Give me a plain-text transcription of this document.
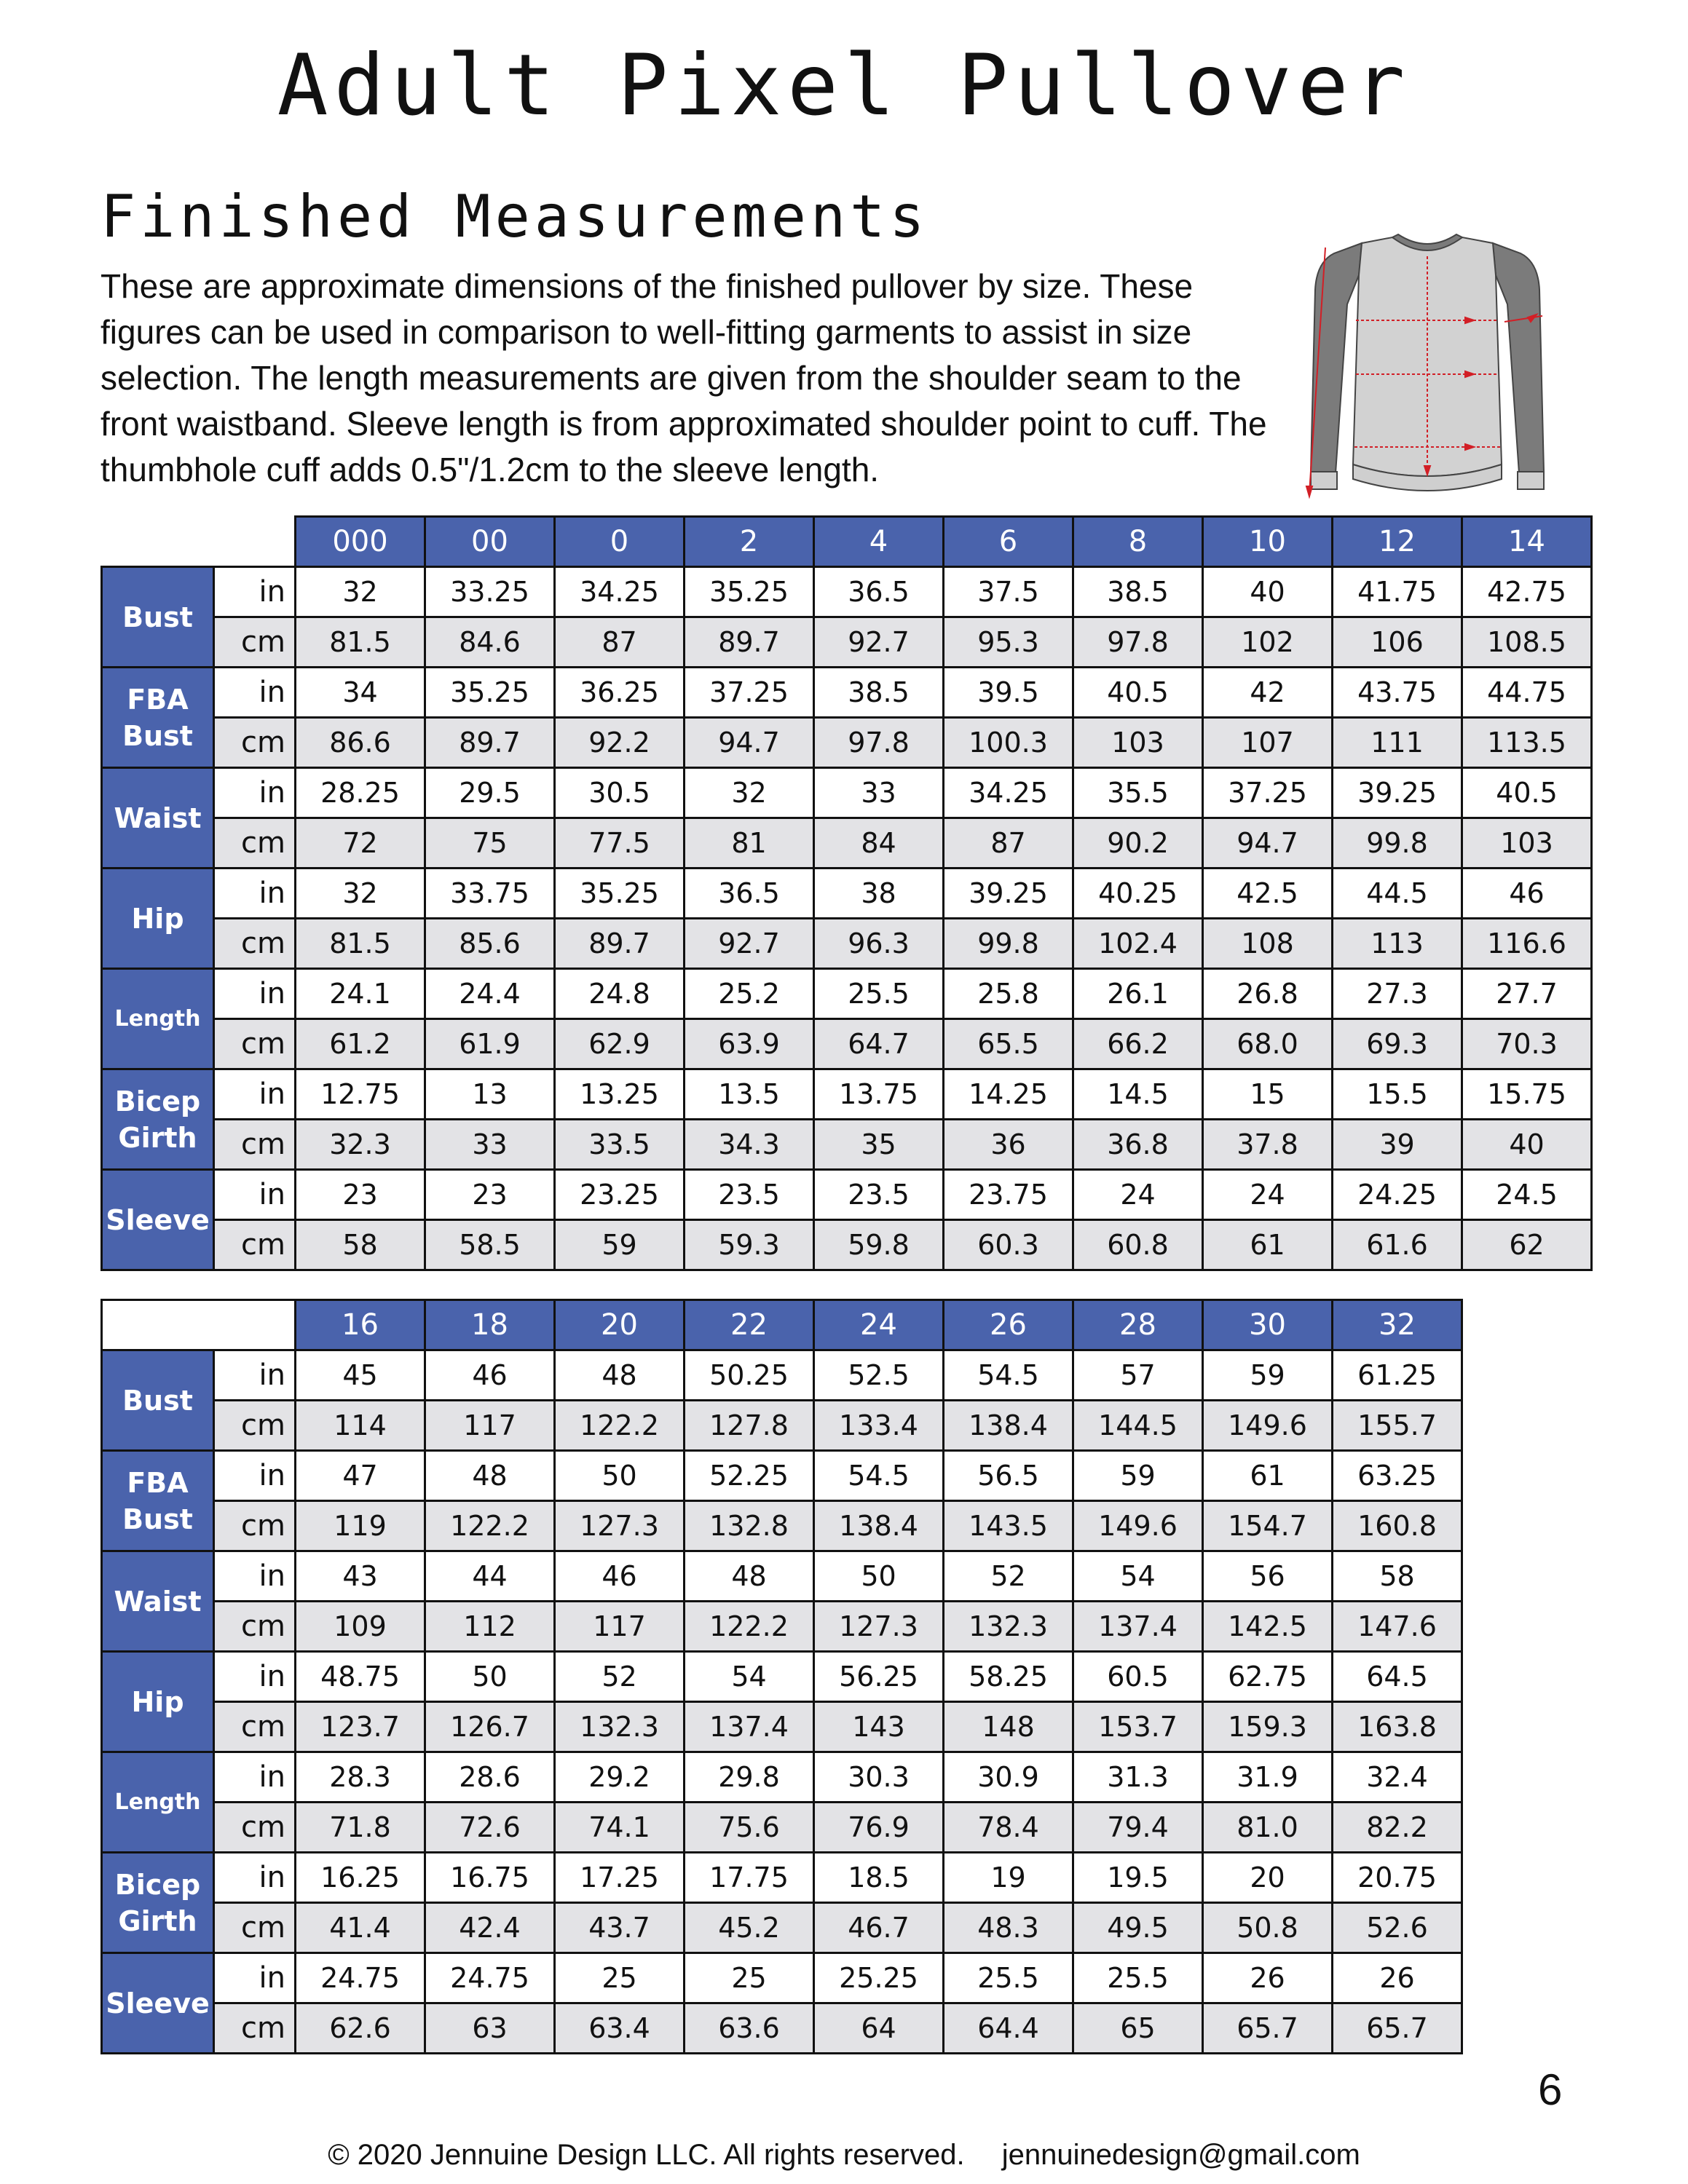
Adult Pixel Pullover
Finished Measurements

These are approximate dimensions of the finished pullover by size. These figures can be used in comparison to well-fitting garments to assist in size selection. The length measurements are given from the shoulder seam to the front waistband. Sleeve length is from approximated shoulder point to cuff. The thumbhole cuff adds 0.5"/1.2cm to the sleeve length.

		000	00	0	2	4	6	8	10	12	14
Bust	in	32	33.25	34.25	35.25	36.5	37.5	38.5	40	41.75	42.75
	cm	81.5	84.6	87	89.7	92.7	95.3	97.8	102	106	108.5
FBA Bust	in	34	35.25	36.25	37.25	38.5	39.5	40.5	42	43.75	44.75
	cm	86.6	89.7	92.2	94.7	97.8	100.3	103	107	111	113.5
Waist	in	28.25	29.5	30.5	32	33	34.25	35.5	37.25	39.25	40.5
	cm	72	75	77.5	81	84	87	90.2	94.7	99.8	103
Hip	in	32	33.75	35.25	36.5	38	39.25	40.25	42.5	44.5	46
	cm	81.5	85.6	89.7	92.7	96.3	99.8	102.4	108	113	116.6
Length	in	24.1	24.4	24.8	25.2	25.5	25.8	26.1	26.8	27.3	27.7
	cm	61.2	61.9	62.9	63.9	64.7	65.5	66.2	68.0	69.3	70.3
Bicep Girth	in	12.75	13	13.25	13.5	13.75	14.25	14.5	15	15.5	15.75
	cm	32.3	33	33.5	34.3	35	36	36.8	37.8	39	40
Sleeve	in	23	23	23.25	23.5	23.5	23.75	24	24	24.25	24.5
	cm	58	58.5	59	59.3	59.8	60.3	60.8	61	61.6	62
		16	18	20	22	24	26	28	30	32
Bust	in	45	46	48	50.25	52.5	54.5	57	59	61.25
	cm	114	117	122.2	127.8	133.4	138.4	144.5	149.6	155.7
FBA Bust	in	47	48	50	52.25	54.5	56.5	59	61	63.25
	cm	119	122.2	127.3	132.8	138.4	143.5	149.6	154.7	160.8
Waist	in	43	44	46	48	50	52	54	56	58
	cm	109	112	117	122.2	127.3	132.3	137.4	142.5	147.6
Hip	in	48.75	50	52	54	56.25	58.25	60.5	62.75	64.5
	cm	123.7	126.7	132.3	137.4	143	148	153.7	159.3	163.8
Length	in	28.3	28.6	29.2	29.8	30.3	30.9	31.3	31.9	32.4
	cm	71.8	72.6	74.1	75.6	76.9	78.4	79.4	81.0	82.2
Bicep Girth	in	16.25	16.75	17.25	17.75	18.5	19	19.5	20	20.75
	cm	41.4	42.4	43.7	45.2	46.7	48.3	49.5	50.8	52.6
Sleeve	in	24.75	24.75	25	25	25.25	25.5	25.5	26	26
	cm	62.6	63	63.4	63.6	64	64.4	65	65.7	65.7
6
© 2020 Jennuine Design LLC. All rights reserved. jennuinedesign@gmail.com
